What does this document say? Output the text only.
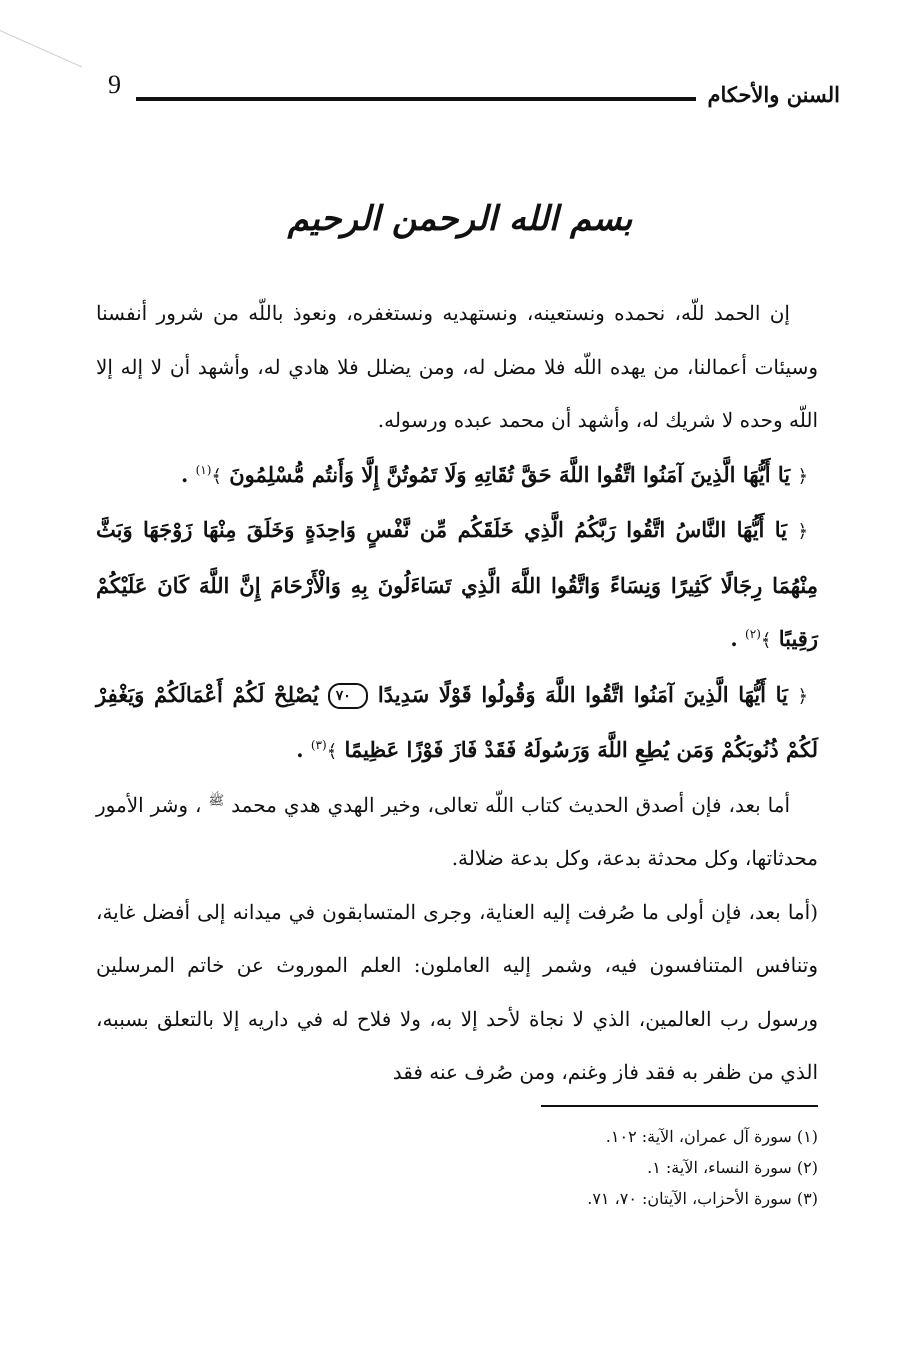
9	السنن والأحكام
بسم الله الرحمن الرحيم

إن الحمد للّه، نحمده ونستعينه، ونستهديه ونستغفره، ونعوذ باللّه من شرور أنفسنا وسيئات أعمالنا، من يهده اللّه فلا مضل له، ومن يضلل فلا هادي له، وأشهد أن لا إله إلا اللّه وحده لا شريك له، وأشهد أن محمد عبده ورسوله.

﴿ يَا أَيُّهَا الَّذِينَ آمَنُوا اتَّقُوا اللَّهَ حَقَّ تُقَاتِهِ وَلَا تَمُوتُنَّ إِلَّا وَأَنتُم مُّسْلِمُونَ ﴾$^{(١)}$ .

﴿ يَا أَيُّهَا النَّاسُ اتَّقُوا رَبَّكُمُ الَّذِي خَلَقَكُم مِّن نَّفْسٍ وَاحِدَةٍ وَخَلَقَ مِنْهَا زَوْجَهَا وَبَثَّ مِنْهُمَا رِجَالًا كَثِيرًا وَنِسَاءً وَاتَّقُوا اللَّهَ الَّذِي تَسَاءَلُونَ بِهِ وَالْأَرْحَامَ إِنَّ اللَّهَ كَانَ عَلَيْكُمْ رَقِيبًا ﴾$^{(٢)}$ .

﴿ يَا أَيُّهَا الَّذِينَ آمَنُوا اتَّقُوا اللَّهَ وَقُولُوا قَوْلًا سَدِيدًا ٧٠ يُصْلِحْ لَكُمْ أَعْمَالَكُمْ وَيَغْفِرْ لَكُمْ ذُنُوبَكُمْ وَمَن يُطِعِ اللَّهَ وَرَسُولَهُ فَقَدْ فَازَ فَوْزًا عَظِيمًا ﴾$^{(٣)}$ .

أما بعد، فإن أصدق الحديث كتاب اللّه تعالى، وخير الهدي هدي محمد $^ﷺ$ ، وشر الأمور محدثاتها، وكل محدثة بدعة، وكل بدعة ضلالة.

(أما بعد، فإن أولى ما صُرفت إليه العناية، وجرى المتسابقون في ميدانه إلى أفضل غاية، وتنافس المتنافسون فيه، وشمر إليه العاملون: العلم الموروث عن خاتم المرسلين ورسول رب العالمين، الذي لا نجاة لأحد إلا به، ولا فلاح له في داريه إلا بالتعلق بسببه، الذي من ظفر به فقد فاز وغنم، ومن صُرف عنه فقد

(١) سورة آل عمران، الآية: ١٠٢.

(٢) سورة النساء، الآية: ١.

(٣) سورة الأحزاب، الآيتان: ٧٠، ٧١.
